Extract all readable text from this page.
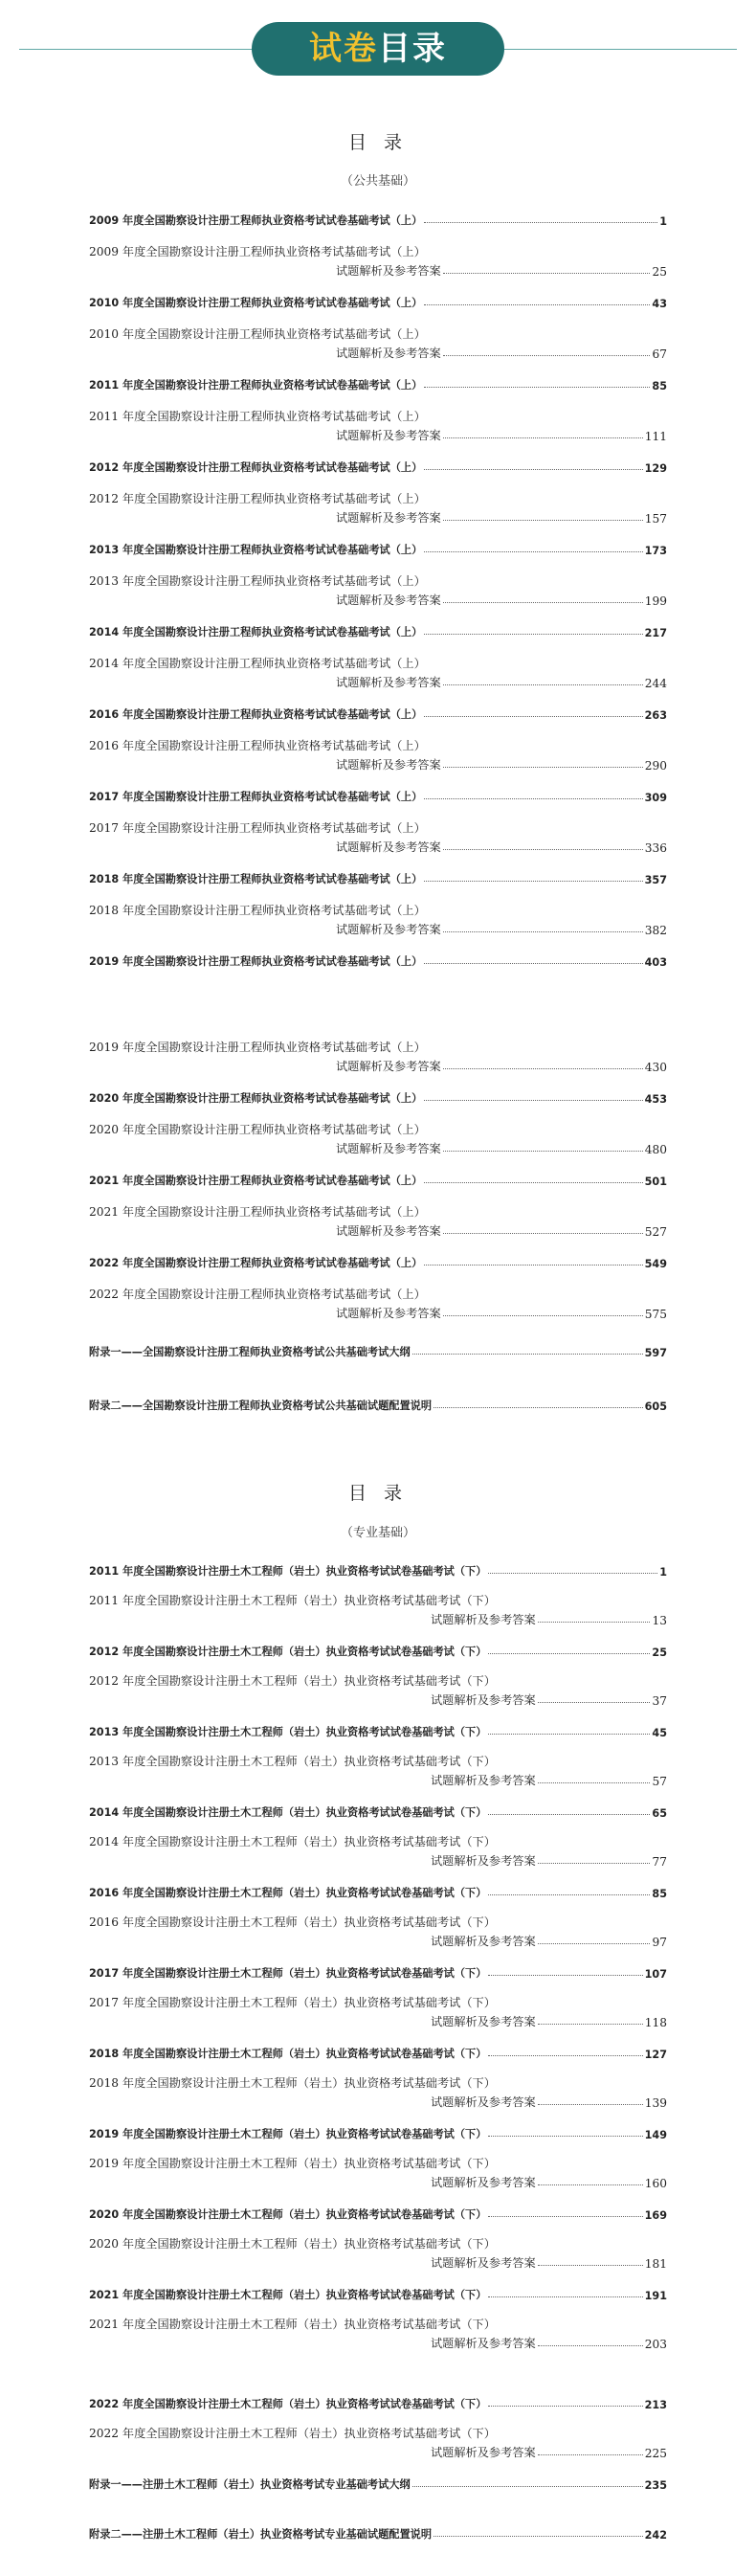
试卷目录
目 录
（公共基础）
2009 年度全国勘察设计注册工程师执业资格考试试卷基础考试（上）	1
2009 年度全国勘察设计注册工程师执业资格考试基础考试（上）
试题解析及参考答案	25
2010 年度全国勘察设计注册工程师执业资格考试试卷基础考试（上）	43
2010 年度全国勘察设计注册工程师执业资格考试基础考试（上）
试题解析及参考答案	67
2011 年度全国勘察设计注册工程师执业资格考试试卷基础考试（上）	85
2011 年度全国勘察设计注册工程师执业资格考试基础考试（上）
试题解析及参考答案	111
2012 年度全国勘察设计注册工程师执业资格考试试卷基础考试（上）	129
2012 年度全国勘察设计注册工程师执业资格考试基础考试（上）
试题解析及参考答案	157
2013 年度全国勘察设计注册工程师执业资格考试试卷基础考试（上）	173
2013 年度全国勘察设计注册工程师执业资格考试基础考试（上）
试题解析及参考答案	199
2014 年度全国勘察设计注册工程师执业资格考试试卷基础考试（上）	217
2014 年度全国勘察设计注册工程师执业资格考试基础考试（上）
试题解析及参考答案	244
2016 年度全国勘察设计注册工程师执业资格考试试卷基础考试（上）	263
2016 年度全国勘察设计注册工程师执业资格考试基础考试（上）
试题解析及参考答案	290
2017 年度全国勘察设计注册工程师执业资格考试试卷基础考试（上）	309
2017 年度全国勘察设计注册工程师执业资格考试基础考试（上）
试题解析及参考答案	336
2018 年度全国勘察设计注册工程师执业资格考试试卷基础考试（上）	357
2018 年度全国勘察设计注册工程师执业资格考试基础考试（上）
试题解析及参考答案	382
2019 年度全国勘察设计注册工程师执业资格考试试卷基础考试（上）	403
2019 年度全国勘察设计注册工程师执业资格考试基础考试（上）
试题解析及参考答案	430
2020 年度全国勘察设计注册工程师执业资格考试试卷基础考试（上）	453
2020 年度全国勘察设计注册工程师执业资格考试基础考试（上）
试题解析及参考答案	480
2021 年度全国勘察设计注册工程师执业资格考试试卷基础考试（上）	501
2021 年度全国勘察设计注册工程师执业资格考试基础考试（上）
试题解析及参考答案	527
2022 年度全国勘察设计注册工程师执业资格考试试卷基础考试（上）	549
2022 年度全国勘察设计注册工程师执业资格考试基础考试（上）
试题解析及参考答案	575
附录一——全国勘察设计注册工程师执业资格考试公共基础考试大纲	597
附录二——全国勘察设计注册工程师执业资格考试公共基础试题配置说明	605
目 录
（专业基础）
2011 年度全国勘察设计注册土木工程师（岩土）执业资格考试试卷基础考试（下）	1
2011 年度全国勘察设计注册土木工程师（岩土）执业资格考试基础考试（下）
试题解析及参考答案	13
2012 年度全国勘察设计注册土木工程师（岩土）执业资格考试试卷基础考试（下）	25
2012 年度全国勘察设计注册土木工程师（岩土）执业资格考试基础考试（下）
试题解析及参考答案	37
2013 年度全国勘察设计注册土木工程师（岩土）执业资格考试试卷基础考试（下）	45
2013 年度全国勘察设计注册土木工程师（岩土）执业资格考试基础考试（下）
试题解析及参考答案	57
2014 年度全国勘察设计注册土木工程师（岩土）执业资格考试试卷基础考试（下）	65
2014 年度全国勘察设计注册土木工程师（岩土）执业资格考试基础考试（下）
试题解析及参考答案	77
2016 年度全国勘察设计注册土木工程师（岩土）执业资格考试试卷基础考试（下）	85
2016 年度全国勘察设计注册土木工程师（岩土）执业资格考试基础考试（下）
试题解析及参考答案	97
2017 年度全国勘察设计注册土木工程师（岩土）执业资格考试试卷基础考试（下）	107
2017 年度全国勘察设计注册土木工程师（岩土）执业资格考试基础考试（下）
试题解析及参考答案	118
2018 年度全国勘察设计注册土木工程师（岩土）执业资格考试试卷基础考试（下）	127
2018 年度全国勘察设计注册土木工程师（岩土）执业资格考试基础考试（下）
试题解析及参考答案	139
2019 年度全国勘察设计注册土木工程师（岩土）执业资格考试试卷基础考试（下）	149
2019 年度全国勘察设计注册土木工程师（岩土）执业资格考试基础考试（下）
试题解析及参考答案	160
2020 年度全国勘察设计注册土木工程师（岩土）执业资格考试试卷基础考试（下）	169
2020 年度全国勘察设计注册土木工程师（岩土）执业资格考试基础考试（下）
试题解析及参考答案	181
2021 年度全国勘察设计注册土木工程师（岩土）执业资格考试试卷基础考试（下）	191
2021 年度全国勘察设计注册土木工程师（岩土）执业资格考试基础考试（下）
试题解析及参考答案	203
2022 年度全国勘察设计注册土木工程师（岩土）执业资格考试试卷基础考试（下）	213
2022 年度全国勘察设计注册土木工程师（岩土）执业资格考试基础考试（下）
试题解析及参考答案	225
附录一——注册土木工程师（岩土）执业资格考试专业基础考试大纲	235
附录二——注册土木工程师（岩土）执业资格考试专业基础试题配置说明	242
